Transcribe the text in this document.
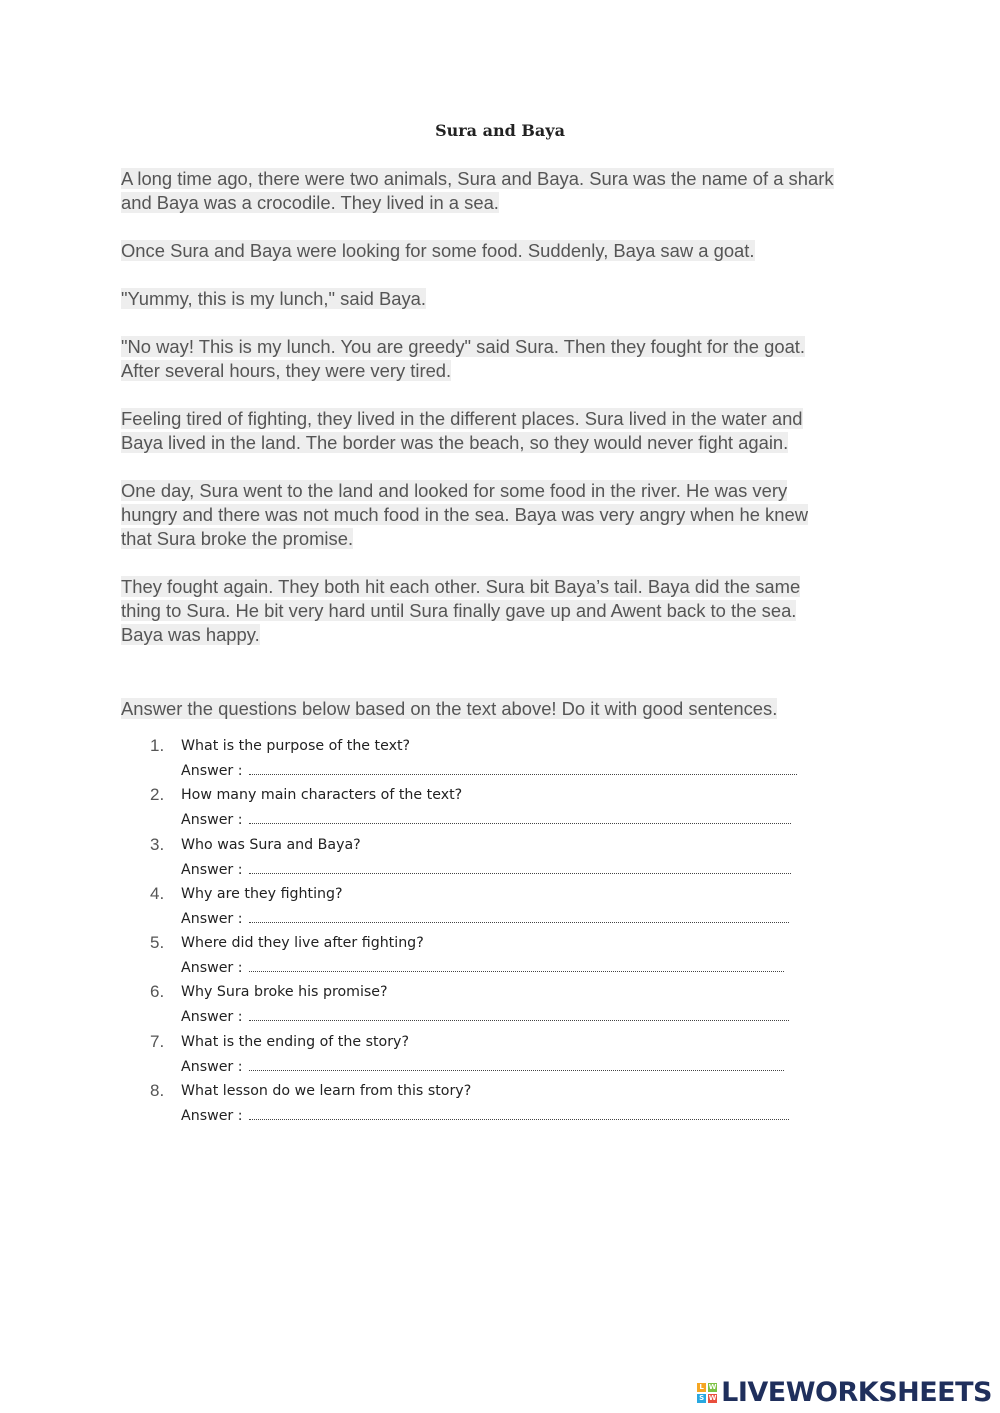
Sura and Baya

A long time ago, there were two animals, Sura and Baya. Sura was the name of a shark
and Baya was a crocodile. They lived in a sea.

Once Sura and Baya were looking for some food. Suddenly, Baya saw a goat.

"Yummy, this is my lunch," said Baya.

"No way! This is my lunch. You are greedy" said Sura. Then they fought for the goat.
After several hours, they were very tired.

Feeling tired of fighting, they lived in the different places. Sura lived in the water and
Baya lived in the land. The border was the beach, so they would never fight again.

One day, Sura went to the land and looked for some food in the river. He was very
hungry and there was not much food in the sea. Baya was very angry when he knew
that Sura broke the promise.

They fought again. They both hit each other. Sura bit Baya’s tail. Baya did the same
thing to Sura. He bit very hard until Sura finally gave up and Awent back to the sea.
Baya was happy.

Answer the questions below based on the text above! Do it with good sentences.

1. What is the purpose of the text?
Answer :
2. How many main characters of the text?
Answer :
3. Who was Sura and Baya?
Answer :
4. Why are they fighting?
Answer :
5. Where did they live after fighting?
Answer :
6. Why Sura broke his promise?
Answer :
7. What is the ending of the story?
Answer :
8. What lesson do we learn from this story?
Answer :
L W
S W LIVEWORKSHEETS
